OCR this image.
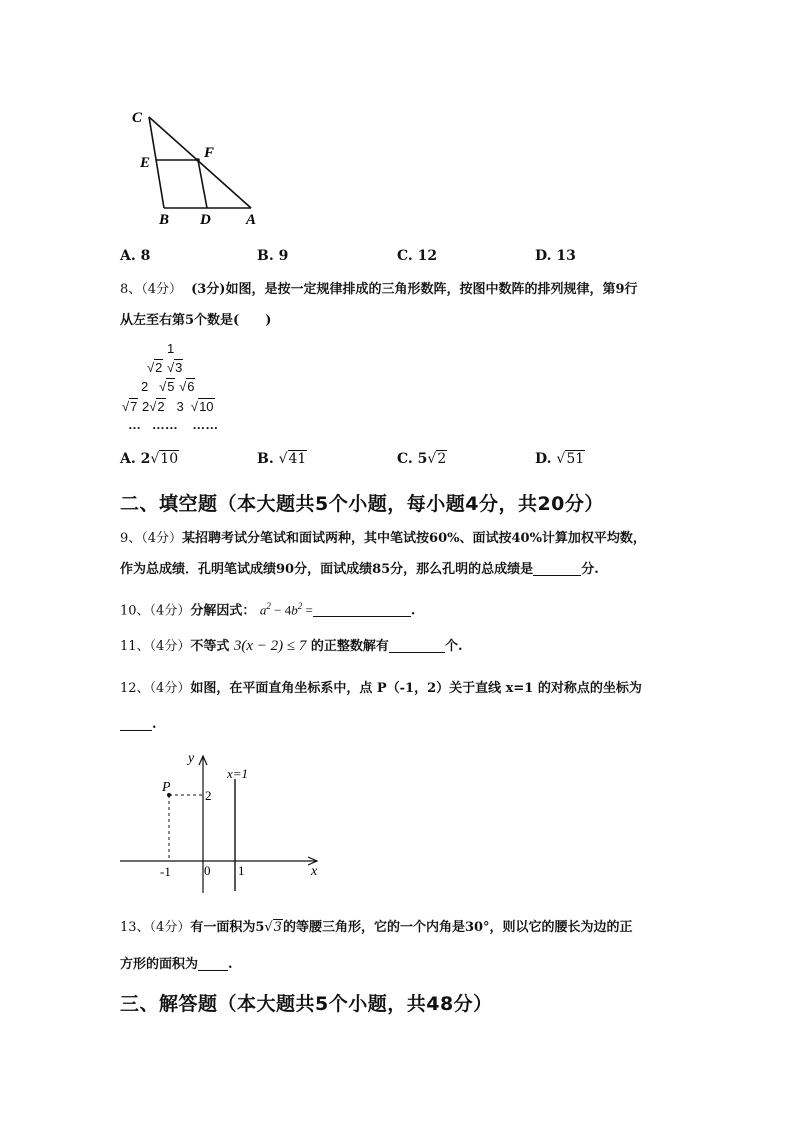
C
E
F
B D A
A. 8	B. 9	C. 12	D. 13
8、（4分） (3分)如图，是按一定规律排成的三角形数阵，按图中数阵的排列规律，第9行
从左至右第5个数是(　　)
1
√2 √3
2 √5 √6
√7 2√2 3 √10
… …… ……
A. 2√10	B. √41	C. 5√2	D. √51
二、填空题（本大题共5个小题，每小题4分，共20分）
9、（4分）某招聘考试分笔试和面试两种，其中笔试按60%、面试按40%计算加权平均数，
作为总成绩．孔明笔试成绩90分，面试成绩85分，那么孔明的总成绩是	分.
10、（4分）分解因式： $a^2 - 4b^2$ =	.
11、（4分）不等式 3(x − 2) ≤ 7 的正整数解有	个.
12、（4分）如图，在平面直角坐标系中，点 P（-1，2）关于直线 x=1 的对称点的坐标为
.
y
x
P
x=1
2
-1	0 1
13、（4分）有一面积为5√3的等腰三角形，它的一个内角是30°，则以它的腰长为边的正
方形的面积为 .
三、解答题（本大题共5个小题，共48分）
